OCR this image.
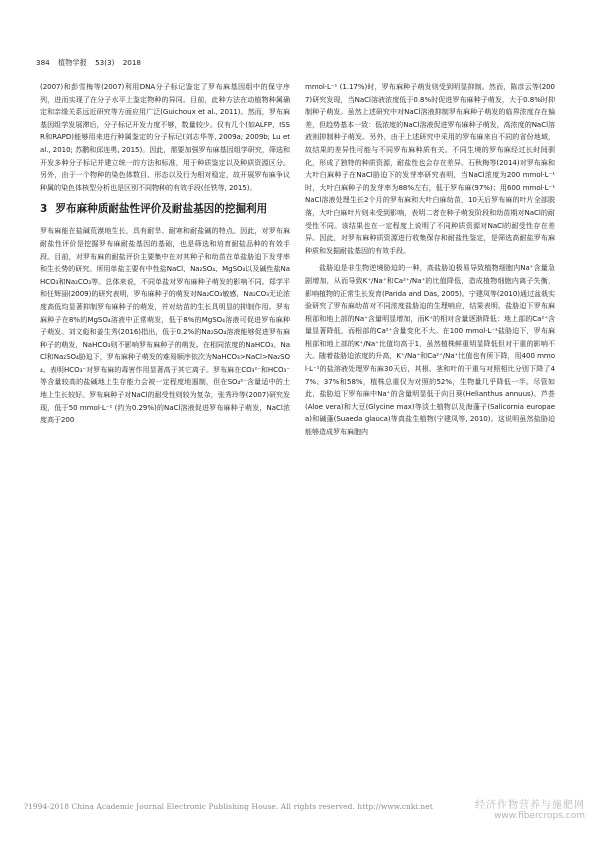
384 植物学报 53(3) 2018

(2007)和彭雪梅等(2007)利用DNA分子标记鉴定了罗布麻基因组中的保守序列，进而实现了在分子水平上鉴定物种的异同。目前，此种方法在动植物种属确定和亲缘关系远近研究等方面应用广泛(Guichoux et al., 2011)。然而，罗布麻基因组学发展滞后，分子标记开发力度不够，数量较少。仅有几个(如ALFP、ISSR和RAPD)能够用来进行种属鉴定的分子标记(刘志华等, 2009a; 2009b; Lu et al., 2010; 苏鹏和邱连勇, 2015)。因此，需要加强罗布麻基因组学研究，筛选和开发多种分子标记并建立统一的方法和标准，用于种质鉴定以及种质资源区分。另外，由于一个物种的染色体数目、形态以及行为相对稳定，故开展罗布麻争议种属的染色体核型分析也是区别不同物种的有效手段(任铁等, 2015)。

3 罗布麻种质耐盐性评价及耐盐基因的挖掘利用

罗布麻能在盐碱荒漠地生长，具有耐旱、耐寒和耐盐碱的特点。因此，对罗布麻耐盐性评价是挖掘罗布麻耐盐基因的基础，也是筛选和培育耐盐品种的有效手段。目前，对罗布麻的耐盐评价主要集中在对其种子和幼苗在单盐胁迫下发芽率和生长势的研究。所用单盐主要有中性盐NaCl、Na₂SO₄、MgSO₄以及碱性盐NaHCO₃和Na₂CO₃等。总体来说，不同单盐对罗布麻种子萌发的影响不同。郑学平和任辉丽(2009)的研究表明，罗布麻种子的萌发对Na₂CO₃敏感，Na₂CO₃无论浓度高低均显著抑制罗布麻种子的萌发，并对幼苗的生长具明显的抑制作用。罗布麻种子在8%的MgSO₄溶液中正常萌发，低于8%的MgSO₄溶液可促进罗布麻种子萌发。刘文彪和姜生秀(2016)指出，低于0.2%的Na₂SO₄溶液能够促进罗布麻种子的萌发，NaHCO₃则不影响罗布麻种子的萌发。在相同浓度的NaHCO₃、NaCl和Na₂SO₄胁迫下，罗布麻种子萌发的难易顺序依次为NaHCO₃>NaCl>Na₂SO₄。表明HCO₃⁻对罗布麻的毒害作用显著高于其它离子。罗布麻在CO₃²⁻和HCO₃⁻等含量较高的盐碱地上生存能力会被一定程度地遏制，但在SO₄²⁻含量适中的土地上生长较好。罗布麻种子对NaCl的耐受性则较为复杂，张秀玲等(2007)研究发现，低于50 mmol·L⁻¹ (约为0.29%)的NaCl溶液促进罗布麻种子萌发，NaCl浓度高于200

mmol·L⁻¹ (1.17%)时，罗布麻种子萌发则受到明显抑制。然而，陈彦云等(2007)研究发现，当NaCl溶液浓度低于0.8%时促进罗布麻种子萌发，大于0.8%时抑制种子萌发。虽然上述研究中对NaCl溶液抑制罗布麻种子萌发的临界浓度存在偏差，但趋势基本一致：低浓度的NaCl溶液促进罗布麻种子萌发，高浓度的NaCl溶液则抑制种子萌发。另外，由于上述研究中采用的罗布麻来自不同的省份地域，故结果的差异性可能与不同罗布麻种质有关。不同生境的罗布麻经过长时间驯化，形成了独特的种质资源，耐盐性也会存在差异。石秋梅等(2014)对罗布麻和大叶白麻种子在NaCl胁迫下的发芽率研究表明，当NaCl浓度为200 mmol·L⁻¹时，大叶白麻种子的发芽率为88%左右，低于罗布麻(97%)；用600 mmol·L⁻¹ NaCl溶液处理生长2个月的罗布麻和大叶白麻幼苗，10天后罗布麻的叶片全部脱落，大叶白麻叶片则未受到影响，表明二者在种子萌发阶段和幼苗期对NaCl的耐受性不同。该结果也在一定程度上说明了不同种质资源对NaCl的耐受性存在差异。因此，对罗布麻种质资源进行收集保存和耐盐性鉴定，是筛选高耐盐罗布麻种质和发掘耐盐基因的有效手段。

盐胁迫是非生物逆境胁迫的一种，高盐胁迫极易导致植物细胞内Na⁺含量急剧增加，从而导致K⁺/Na⁺和Ca²⁺/Na⁺的比值降低，造成植物细胞内离子失衡，影响植物的正常生长发育(Parida and Das, 2005)。宁建凤等(2010)通过盆栽实验研究了罗布麻幼苗对不同浓度盐胁迫的生理响应，结果表明，盐胁迫下罗布麻根部和地上部的Na⁺含量明显增加，而K⁺的相对含量逐渐降低：地上部的Ca²⁺含量显著降低，而根部的Ca²⁺含量变化不大。在100 mmol·L⁻¹盐胁迫下，罗布麻根部和地上部的K⁺/Na⁺比值均高于1，虽然植株鲜重明显降低但对干重的影响不大。随着盐胁迫浓度的升高，K⁺/Na⁺和Ca²⁺/Na⁺比值也有所下降，用400 mmol·L⁻¹的盐溶液处理罗布麻30天后，其根、茎和叶的干重与对照相比分别下降了47%、37%和58%，植株总重仅为对照的52%，生物量几乎降低一半。尽管如此，盐胁迫下罗布麻中Na⁺的含量明显低于向日葵(Helianthus annuus)、芦荟(Aloe vera)和大豆(Glycine max)等淡土植物以及海蓬子(Salicornia europaea)和碱蓬(Suaeda glauca)等真盐生植物(宁建凤等, 2010)。这说明虽然盐胁迫能够造成罗布麻胞内

?1994-2018 China Academic Journal Electronic Publishing House. All rights reserved. http://www.cnki.net	经济作物营养与施肥网
www.fibercrops.com
